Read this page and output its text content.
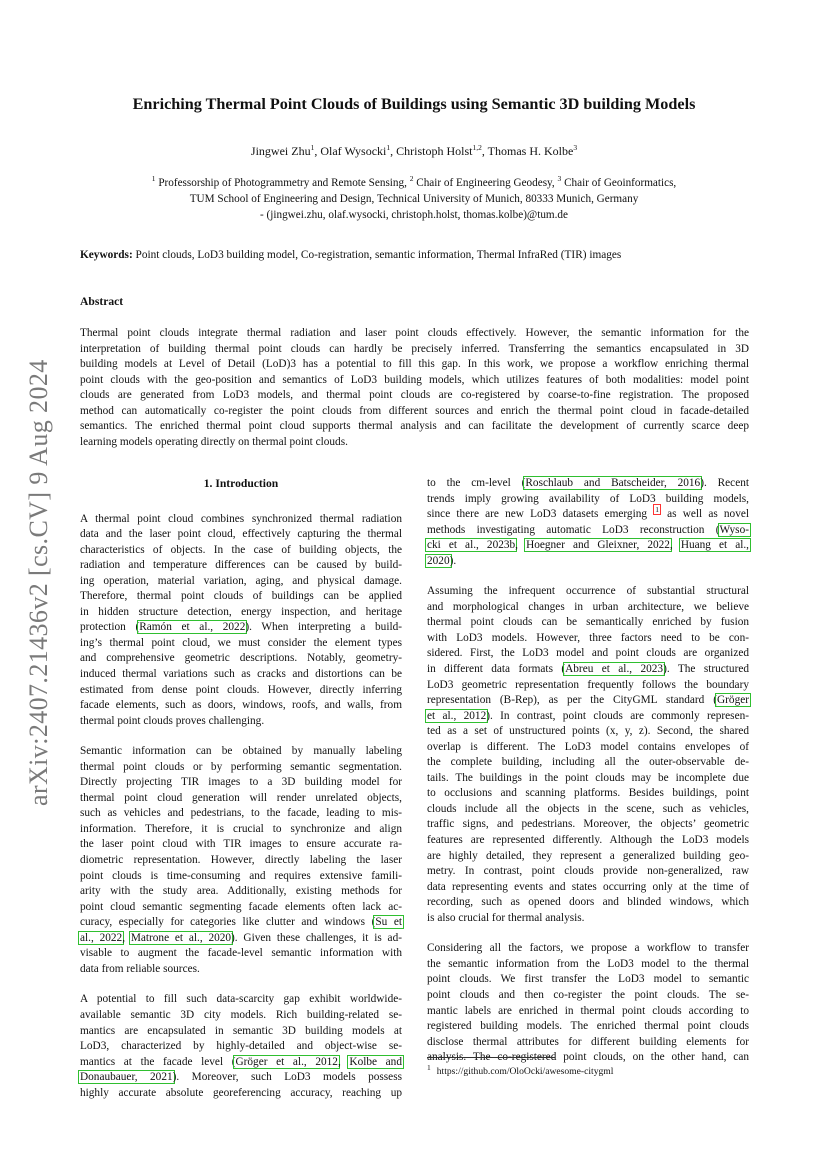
arXiv:2407.21436v2 [cs.CV] 9 Aug 2024
Enriching Thermal Point Clouds of Buildings using Semantic 3D building Models
Jingwei Zhu$^1$, Olaf Wysocki$^1$, Christoph Holst$^{1,2}$, Thomas H. Kolbe$^3$
$^1$ Professorship of Photogrammetry and Remote Sensing, $^2$ Chair of Engineering Geodesy, $^3$ Chair of Geoinformatics,
TUM School of Engineering and Design, Technical University of Munich, 80333 Munich, Germany
- (jingwei.zhu, olaf.wysocki, christoph.holst, thomas.kolbe)@tum.de
Keywords: Point clouds, LoD3 building model, Co-registration, semantic information, Thermal InfraRed (TIR) images
Abstract
Thermal point clouds integrate thermal radiation and laser point clouds effectively. However, the semantic information for the
interpretation of building thermal point clouds can hardly be precisely inferred. Transferring the semantics encapsulated in 3D
building models at Level of Detail (LoD)3 has a potential to fill this gap. In this work, we propose a workflow enriching thermal
point clouds with the geo-position and semantics of LoD3 building models, which utilizes features of both modalities: model point
clouds are generated from LoD3 models, and thermal point clouds are co-registered by coarse-to-fine registration. The proposed
method can automatically co-register the point clouds from different sources and enrich the thermal point cloud in facade-detailed
semantics. The enriched thermal point cloud supports thermal analysis and can facilitate the development of currently scarce deep
learning models operating directly on thermal point clouds.
1. Introduction
A thermal point cloud combines synchronized thermal radiation
data and the laser point cloud, effectively capturing the thermal
characteristics of objects. In the case of building objects, the
radiation and temperature differences can be caused by build-
ing operation, material variation, aging, and physical damage.
Therefore, thermal point clouds of buildings can be applied
in hidden structure detection, energy inspection, and heritage
protection (Ramón et al., 2022). When interpreting a build-
ing’s thermal point cloud, we must consider the element types
and comprehensive geometric descriptions. Notably, geometry-
induced thermal variations such as cracks and distortions can be
estimated from dense point clouds. However, directly inferring
facade elements, such as doors, windows, roofs, and walls, from
thermal point clouds proves challenging.
Semantic information can be obtained by manually labeling
thermal point clouds or by performing semantic segmentation.
Directly projecting TIR images to a 3D building model for
thermal point cloud generation will render unrelated objects,
such as vehicles and pedestrians, to the facade, leading to mis-
information. Therefore, it is crucial to synchronize and align
the laser point cloud with TIR images to ensure accurate ra-
diometric representation. However, directly labeling the laser
point clouds is time-consuming and requires extensive famili-
arity with the study area. Additionally, existing methods for
point cloud semantic segmenting facade elements often lack ac-
curacy, especially for categories like clutter and windows (Su et
al., 2022, Matrone et al., 2020). Given these challenges, it is ad-
visable to augment the facade-level semantic information with
data from reliable sources.
A potential to fill such data-scarcity gap exhibit worldwide-
available semantic 3D city models. Rich building-related se-
mantics are encapsulated in semantic 3D building models at
LoD3, characterized by highly-detailed and object-wise se-
mantics at the facade level (Gröger et al., 2012, Kolbe and
Donaubauer, 2021). Moreover, such LoD3 models possess
highly accurate absolute georeferencing accuracy, reaching up
to the cm-level (Roschlaub and Batscheider, 2016). Recent
trends imply growing availability of LoD3 building models,
since there are new LoD3 datasets emerging $^1$ as well as novel
methods investigating automatic LoD3 reconstruction (Wyso-
cki et al., 2023b, Hoegner and Gleixner, 2022, Huang et al.,
2020).
Assuming the infrequent occurrence of substantial structural
and morphological changes in urban architecture, we believe
thermal point clouds can be semantically enriched by fusion
with LoD3 models. However, three factors need to be con-
sidered. First, the LoD3 model and point clouds are organized
in different data formats (Abreu et al., 2023). The structured
LoD3 geometric representation frequently follows the boundary
representation (B-Rep), as per the CityGML standard (Gröger
et al., 2012). In contrast, point clouds are commonly represen-
ted as a set of unstructured points (x, y, z). Second, the shared
overlap is different. The LoD3 model contains envelopes of
the complete building, including all the outer-observable de-
tails. The buildings in the point clouds may be incomplete due
to occlusions and scanning platforms. Besides buildings, point
clouds include all the objects in the scene, such as vehicles,
traffic signs, and pedestrians. Moreover, the objects’ geometric
features are represented differently. Although the LoD3 models
are highly detailed, they represent a generalized building geo-
metry. In contrast, point clouds provide non-generalized, raw
data representing events and states occurring only at the time of
recording, such as opened doors and blinded windows, which
is also crucial for thermal analysis.
Considering all the factors, we propose a workflow to transfer
the semantic information from the LoD3 model to the thermal
point clouds. We first transfer the LoD3 model to semantic
point clouds and then co-register the point clouds. The se-
mantic labels are enriched in thermal point clouds according to
registered building models. The enriched thermal point clouds
disclose thermal attributes for different building elements for
analysis. The co-registered point clouds, on the other hand, can
$^1$ https://github.com/OloOcki/awesome-citygml
